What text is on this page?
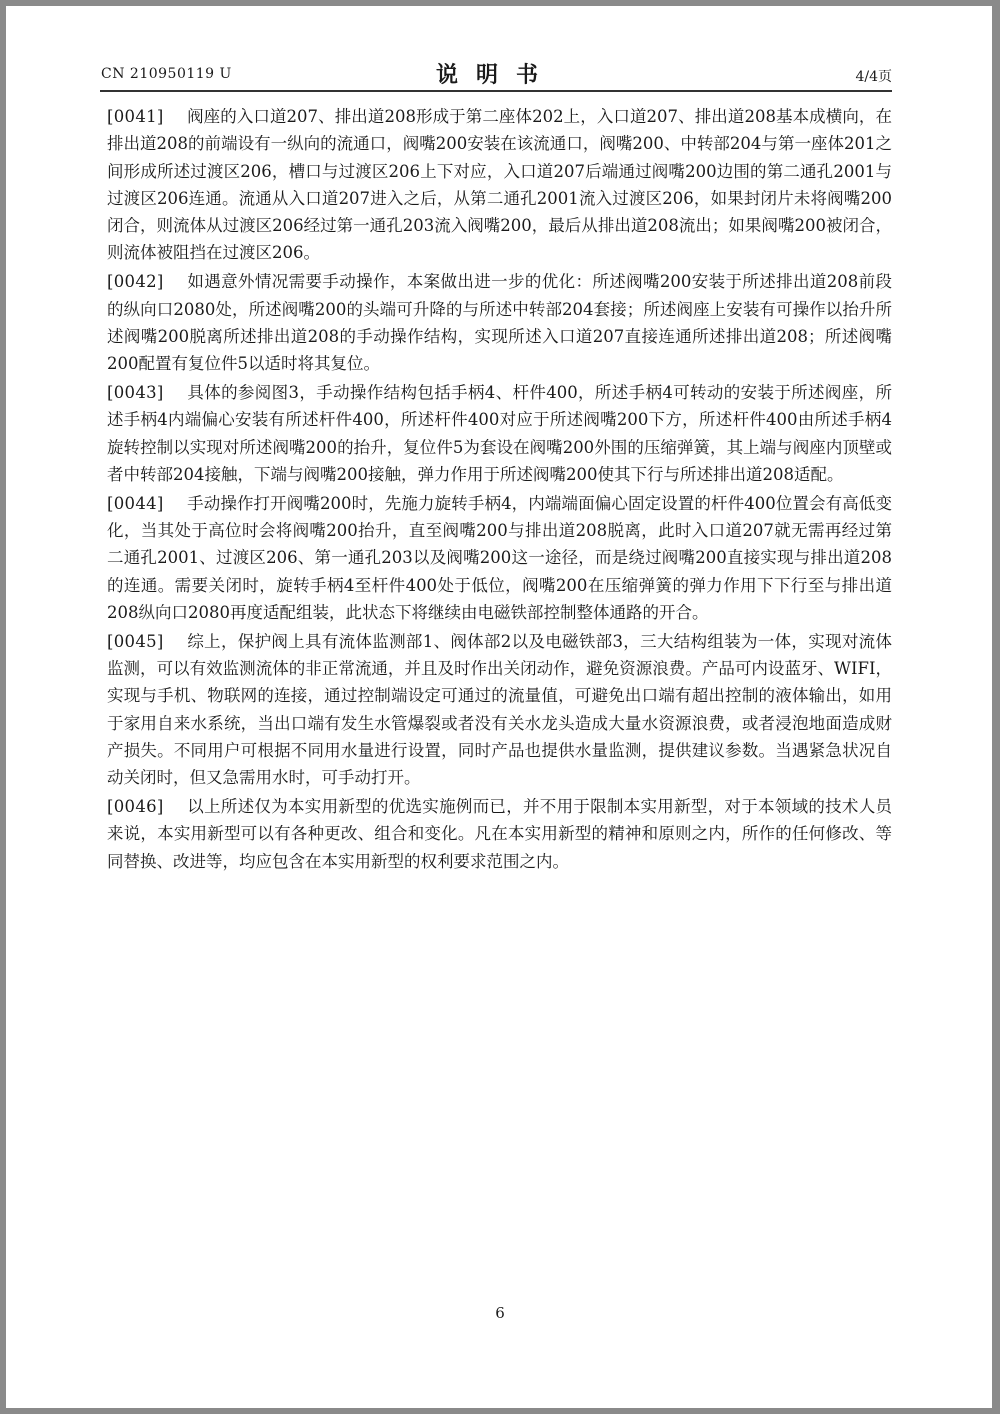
CN 210950119 U	说明书	4/4页

[0041] 阀座的入口道207、排出道208形成于第二座体202上，入口道207、排出道208基本成横向，在排出道208的前端设有一纵向的流通口，阀嘴200安装在该流通口，阀嘴200、中转部204与第一座体201之间形成所述过渡区206，槽口与过渡区206上下对应，入口道207后端通过阀嘴200边围的第二通孔2001与过渡区206连通。流通从入口道207进入之后，从第二通孔2001流入过渡区206，如果封闭片未将阀嘴200闭合，则流体从过渡区206经过第一通孔203流入阀嘴200，最后从排出道208流出；如果阀嘴200被闭合，则流体被阻挡在过渡区206。

[0042] 如遇意外情况需要手动操作，本案做出进一步的优化：所述阀嘴200安装于所述排出道208前段的纵向口2080处，所述阀嘴200的头端可升降的与所述中转部204套接；所述阀座上安装有可操作以抬升所述阀嘴200脱离所述排出道208的手动操作结构，实现所述入口道207直接连通所述排出道208；所述阀嘴200配置有复位件5以适时将其复位。

[0043] 具体的参阅图3，手动操作结构包括手柄4、杆件400，所述手柄4可转动的安装于所述阀座，所述手柄4内端偏心安装有所述杆件400，所述杆件400对应于所述阀嘴200下方，所述杆件400由所述手柄4旋转控制以实现对所述阀嘴200的抬升，复位件5为套设在阀嘴200外围的压缩弹簧，其上端与阀座内顶壁或者中转部204接触，下端与阀嘴200接触，弹力作用于所述阀嘴200使其下行与所述排出道208适配。

[0044] 手动操作打开阀嘴200时，先施力旋转手柄4，内端端面偏心固定设置的杆件400位置会有高低变化，当其处于高位时会将阀嘴200抬升，直至阀嘴200与排出道208脱离，此时入口道207就无需再经过第二通孔2001、过渡区206、第一通孔203以及阀嘴200这一途径，而是绕过阀嘴200直接实现与排出道208的连通。需要关闭时，旋转手柄4至杆件400处于低位，阀嘴200在压缩弹簧的弹力作用下下行至与排出道208纵向口2080再度适配组装，此状态下将继续由电磁铁部控制整体通路的开合。

[0045] 综上，保护阀上具有流体监测部1、阀体部2以及电磁铁部3，三大结构组装为一体，实现对流体监测，可以有效监测流体的非正常流通，并且及时作出关闭动作，避免资源浪费。产品可内设蓝牙、WIFI，实现与手机、物联网的连接，通过控制端设定可通过的流量值，可避免出口端有超出控制的液体输出，如用于家用自来水系统，当出口端有发生水管爆裂或者没有关水龙头造成大量水资源浪费，或者浸泡地面造成财产损失。不同用户可根据不同用水量进行设置，同时产品也提供水量监测，提供建议参数。当遇紧急状况自动关闭时，但又急需用水时，可手动打开。

[0046] 以上所述仅为本实用新型的优选实施例而已，并不用于限制本实用新型，对于本领域的技术人员来说，本实用新型可以有各种更改、组合和变化。凡在本实用新型的精神和原则之内，所作的任何修改、等同替换、改进等，均应包含在本实用新型的权利要求范围之内。

6
